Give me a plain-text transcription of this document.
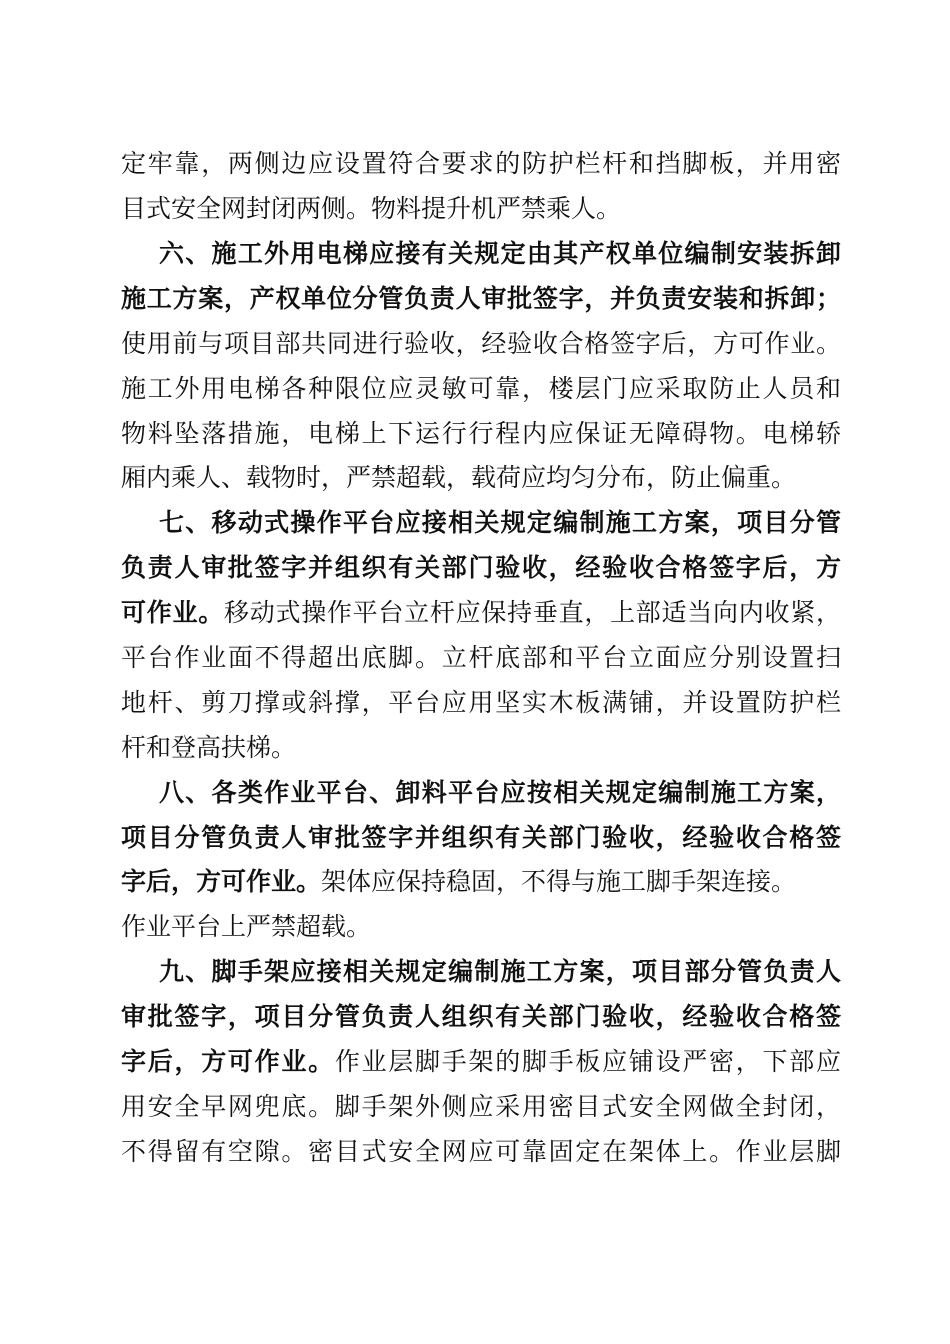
定牢靠，两侧边应设置符合要求的防护栏杆和挡脚板，并用密
目式安全网封闭两侧。物料提升机严禁乘人。
六、施工外用电梯应接有关规定由其产权单位编制安装拆卸
施工方案，产权单位分管负责人审批签字，并负责安装和拆卸；
使用前与项目部共同进行验收，经验收合格签字后，方可作业。
施工外用电梯各种限位应灵敏可靠，楼层门应采取防止人员和
物料坠落措施，电梯上下运行行程内应保证无障碍物。电梯轿
厢内乘人、载物时，严禁超载，载荷应均匀分布，防止偏重。
七、移动式操作平台应接相关规定编制施工方案，项目分管
负责人审批签字并组织有关部门验收，经验收合格签字后，方
可作业。移动式操作平台立杆应保持垂直，上部适当向内收紧，
平台作业面不得超出底脚。立杆底部和平台立面应分别设置扫
地杆、剪刀撑或斜撑，平台应用坚实木板满铺，并设置防护栏
杆和登高扶梯。
八、各类作业平台、卸料平台应按相关规定编制施工方案，
项目分管负责人审批签字并组织有关部门验收，经验收合格签
字后，方可作业。架体应保持稳固，不得与施工脚手架连接。
作业平台上严禁超载。
九、脚手架应接相关规定编制施工方案，项目部分管负责人
审批签字，项目分管负责人组织有关部门验收，经验收合格签
字后，方可作业。作业层脚手架的脚手板应铺设严密，下部应
用安全早网兜底。脚手架外侧应采用密目式安全网做全封闭，
不得留有空隙。密目式安全网应可靠固定在架体上。作业层脚
